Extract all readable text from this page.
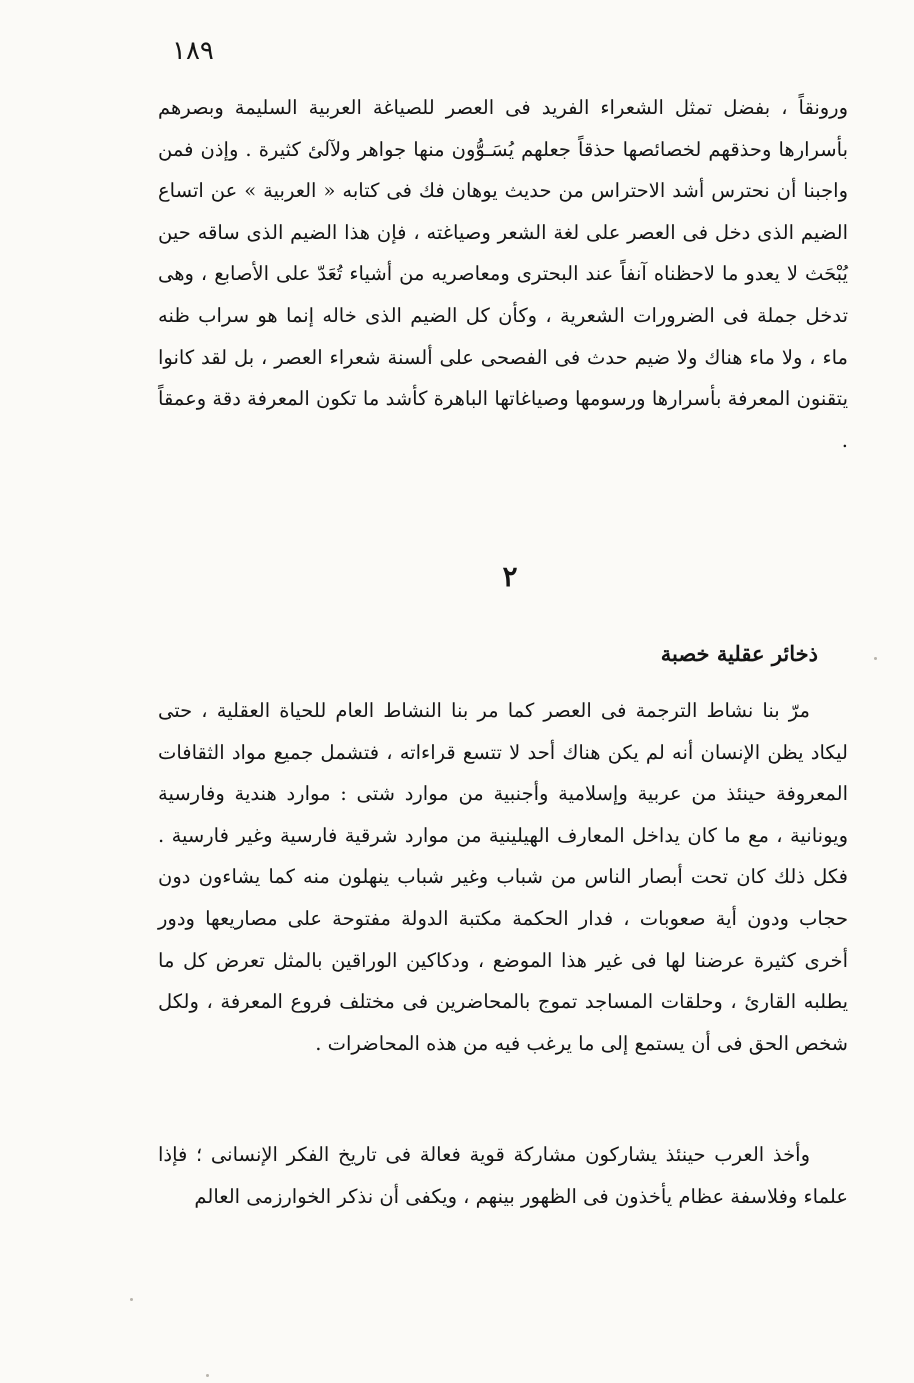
١٨٩

ورونقاً ، بفضل تمثل الشعراء الفريد فى العصر للصياغة العربية السليمة وبصرهم بأسرارها وحذقهم لخصائصها حذقاً جعلهم يُسَـوُّون منها جواهر ولآلئ كثيرة . وإذن فمن واجبنا أن نحترس أشد الاحتراس من حديث يوهان فك فى كتابه « العربية » عن اتساع الضيم الذى دخل فى العصر على لغة الشعر وصياغته ، فإن هذا الضيم الذى ساقه حين يُبْحَث لا يعدو ما لاحظناه آنفاً عند البحترى ومعاصريه من أشياء تُعَدّ على الأصابع ، وهى تدخل جملة فى الضرورات الشعرية ، وكأن كل الضيم الذى خاله إنما هو سراب ظنه ماء ، ولا ماء هناك ولا ضيم حدث فى الفصحى على ألسنة شعراء العصر ، بل لقد كانوا يتقنون المعرفة بأسرارها ورسومها وصياغاتها الباهرة كأشد ما تكون المعرفة دقة وعمقاً .

٢
ذخائر عقلية خصبة

مرّ بنا نشاط الترجمة فى العصر كما مر بنا النشاط العام للحياة العقلية ، حتى ليكاد يظن الإنسان أنه لم يكن هناك أحد لا تتسع قراءاته ، فتشمل جميع مواد الثقافات المعروفة حينئذ من عربية وإسلامية وأجنبية من موارد شتى : موارد هندية وفارسية ويونانية ، مع ما كان يداخل المعارف الهيلينية من موارد شرقية فارسية وغير فارسية . فكل ذلك كان تحت أبصار الناس من شباب وغير شباب ينهلون منه كما يشاءون دون حجاب ودون أية صعوبات ، فدار الحكمة مكتبة الدولة مفتوحة على مصاريعها ودور أخرى كثيرة عرضنا لها فى غير هذا الموضع ، ودكاكين الوراقين بالمثل تعرض كل ما يطلبه القارئ ، وحلقات المساجد تموج بالمحاضرين فى مختلف فروع المعرفة ، ولكل شخص الحق فى أن يستمع إلى ما يرغب فيه من هذه المحاضرات .

وأخذ العرب حينئذ يشاركون مشاركة قوية فعالة فى تاريخ الفكر الإنسانى ؛ فإذا علماء وفلاسفة عظام يأخذون فى الظهور بينهم ، ويكفى أن نذكر الخوارزمى العالم
